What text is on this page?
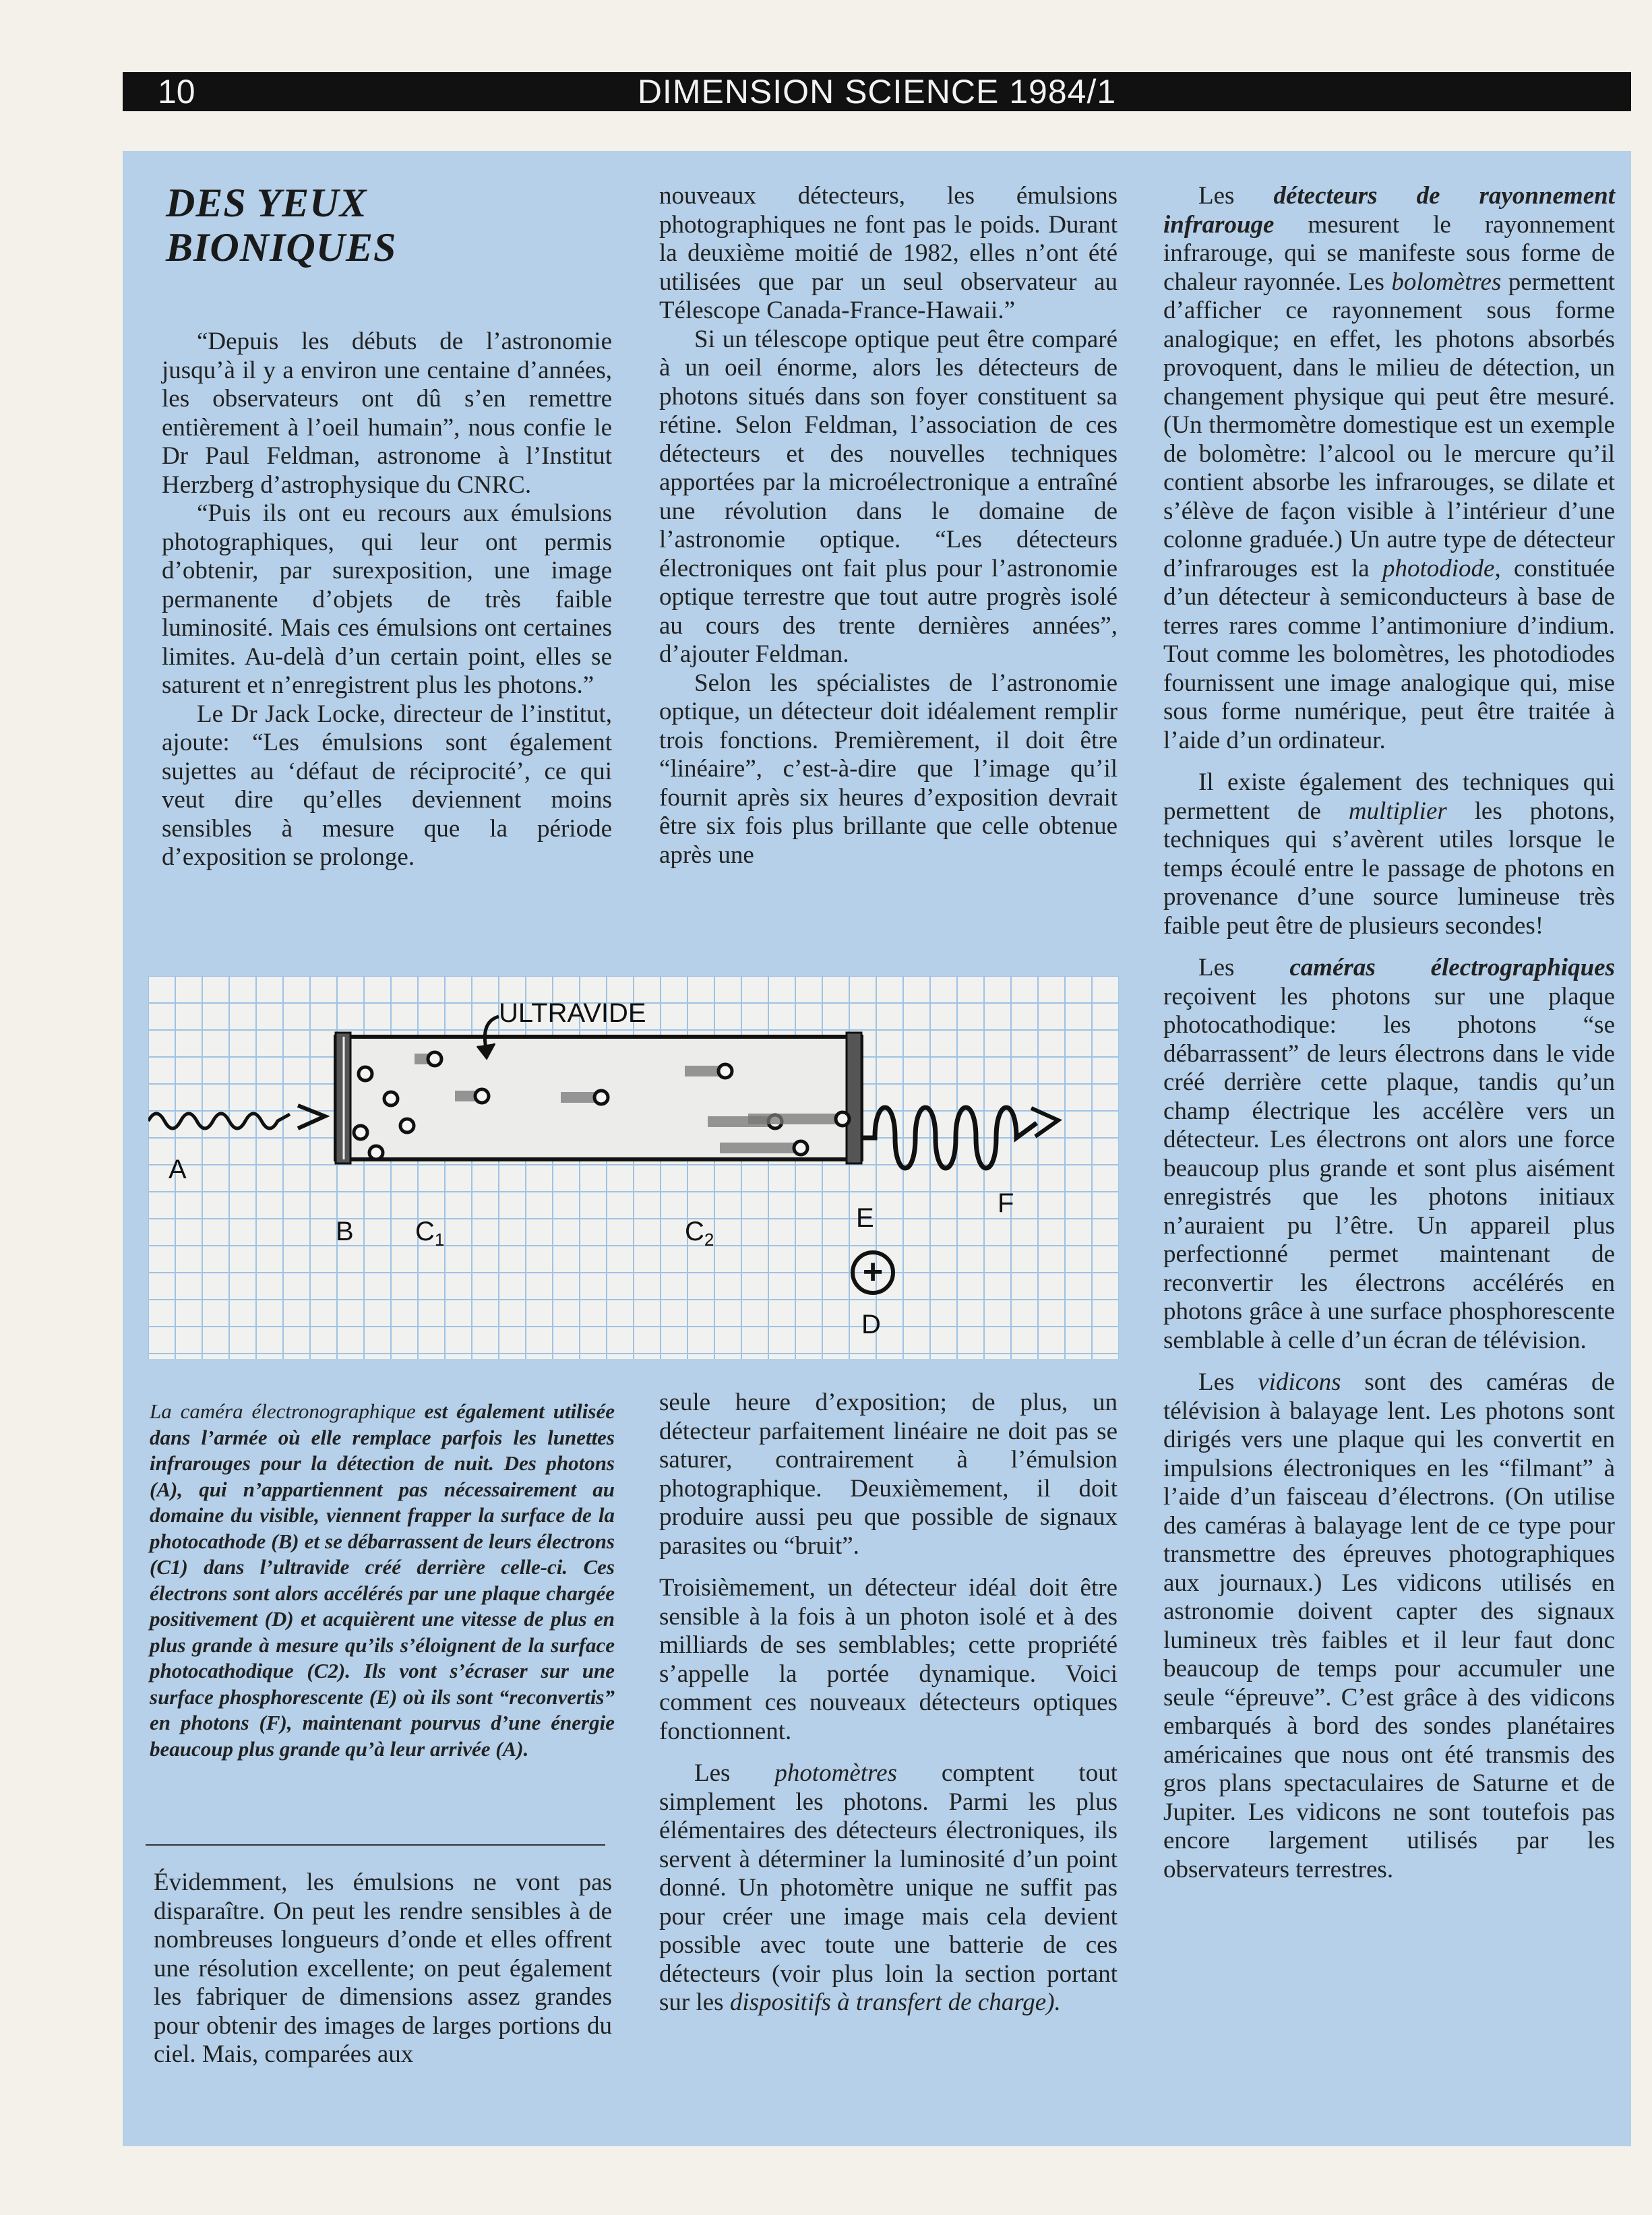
10	DIMENSION SCIENCE 1984/1
DES YEUX
BIONIQUES

“Depuis les débuts de l’astronomie jusqu’à il y a environ une centaine d’années, les observateurs ont dû s’en remettre entièrement à l’oeil humain”, nous confie le Dr Paul Feldman, astronome à l’Institut Herzberg d’astrophysique du CNRC.

“Puis ils ont eu recours aux émulsions photographiques, qui leur ont permis d’obtenir, par surexposition, une image permanente d’objets de très faible luminosité. Mais ces émulsions ont certaines limites. Au-delà d’un certain point, elles se saturent et n’enregistrent plus les photons.”

Le Dr Jack Locke, directeur de l’institut, ajoute: “Les émulsions sont également sujettes au ‘défaut de réciprocité’, ce qui veut dire qu’elles deviennent moins sensibles à mesure que la période d’exposition se prolonge.

+
ULTRAVIDE
A
B $C_1$	$C_2$
E	F
D
La caméra électronographique est également utilisée dans l’armée où elle remplace parfois les lunettes infrarouges pour la détection de nuit. Des photons (A), qui n’appartiennent pas nécessairement au domaine du visible, viennent frapper la surface de la photocathode (B) et se débarrassent de leurs électrons (C1) dans l’ultravide créé derrière celle-ci. Ces électrons sont alors accélérés par une plaque chargée positivement (D) et acquièrent une vitesse de plus en plus grande à mesure qu’ils s’éloignent de la surface photocathodique (C2). Ils vont s’écraser sur une surface phosphorescente (E) où ils sont “reconvertis” en photons (F), maintenant pourvus d’une énergie beaucoup plus grande qu’à leur arrivée (A).

Évidemment, les émulsions ne vont pas disparaître. On peut les rendre sensibles à de nombreuses longueurs d’onde et elles offrent une résolution excellente; on peut également les fabriquer de dimensions assez grandes pour obtenir des images de larges portions du ciel. Mais, comparées aux

nouveaux détecteurs, les émulsions photographiques ne font pas le poids. Durant la deuxième moitié de 1982, elles n’ont été utilisées que par un seul observateur au Télescope Canada-France-Hawaii.”

Si un télescope optique peut être comparé à un oeil énorme, alors les détecteurs de photons situés dans son foyer constituent sa rétine. Selon Feldman, l’association de ces détecteurs et des nouvelles techniques apportées par la microélectronique a entraîné une révolution dans le domaine de l’astronomie optique. “Les détecteurs électroniques ont fait plus pour l’astronomie optique terrestre que tout autre progrès isolé au cours des trente dernières années”, d’ajouter Feldman.

Selon les spécialistes de l’astronomie optique, un détecteur doit idéalement remplir trois fonctions. Premièrement, il doit être “linéaire”, c’est-à-dire que l’image qu’il fournit après six heures d’exposition devrait être six fois plus brillante que celle obtenue après une

seule heure d’exposition; de plus, un détecteur parfaitement linéaire ne doit pas se saturer, contrairement à l’émulsion photographique. Deuxièmement, il doit produire aussi peu que possible de signaux parasites ou “bruit”.

Troisièmement, un détecteur idéal doit être sensible à la fois à un photon isolé et à des milliards de ses semblables; cette propriété s’appelle la portée dynamique. Voici comment ces nouveaux détecteurs optiques fonctionnent.

Les photomètres comptent tout simplement les photons. Parmi les plus élémentaires des détecteurs électroniques, ils servent à déterminer la luminosité d’un point donné. Un photomètre unique ne suffit pas pour créer une image mais cela devient possible avec toute une batterie de ces détecteurs (voir plus loin la section portant sur les dispositifs à transfert de charge).

Les détecteurs de rayonnement infrarouge mesurent le rayonnement infrarouge, qui se manifeste sous forme de chaleur rayonnée. Les bolomètres permettent d’afficher ce rayonnement sous forme analogique; en effet, les photons absorbés provoquent, dans le milieu de détection, un changement physique qui peut être mesuré. (Un thermomètre domestique est un exemple de bolomètre: l’alcool ou le mercure qu’il contient absorbe les infrarouges, se dilate et s’élève de façon visible à l’intérieur d’une colonne graduée.) Un autre type de détecteur d’infrarouges est la photodiode, constituée d’un détecteur à semiconducteurs à base de terres rares comme l’antimoniure d’indium. Tout comme les bolomètres, les photodiodes fournissent une image analogique qui, mise sous forme numérique, peut être traitée à l’aide d’un ordinateur.

Il existe également des techniques qui permettent de multiplier les photons, techniques qui s’avèrent utiles lorsque le temps écoulé entre le passage de photons en provenance d’une source lumineuse très faible peut être de plusieurs secondes!

Les caméras électrographiques reçoivent les photons sur une plaque photocathodique: les photons “se débarrassent” de leurs électrons dans le vide créé derrière cette plaque, tandis qu’un champ électrique les accélère vers un détecteur. Les électrons ont alors une force beaucoup plus grande et sont plus aisément enregistrés que les photons initiaux n’auraient pu l’être. Un appareil plus perfectionné permet maintenant de reconvertir les électrons accélérés en photons grâce à une surface phosphorescente semblable à celle d’un écran de télévision.

Les vidicons sont des caméras de télévision à balayage lent. Les photons sont dirigés vers une plaque qui les convertit en impulsions électroniques en les “filmant” à l’aide d’un faisceau d’électrons. (On utilise des caméras à balayage lent de ce type pour transmettre des épreuves photographiques aux journaux.) Les vidicons utilisés en astronomie doivent capter des signaux lumineux très faibles et il leur faut donc beaucoup de temps pour accumuler une seule “épreuve”. C’est grâce à des vidicons embarqués à bord des sondes planétaires américaines que nous ont été transmis des gros plans spectaculaires de Saturne et de Jupiter. Les vidicons ne sont toutefois pas encore largement utilisés par les observateurs terrestres.
